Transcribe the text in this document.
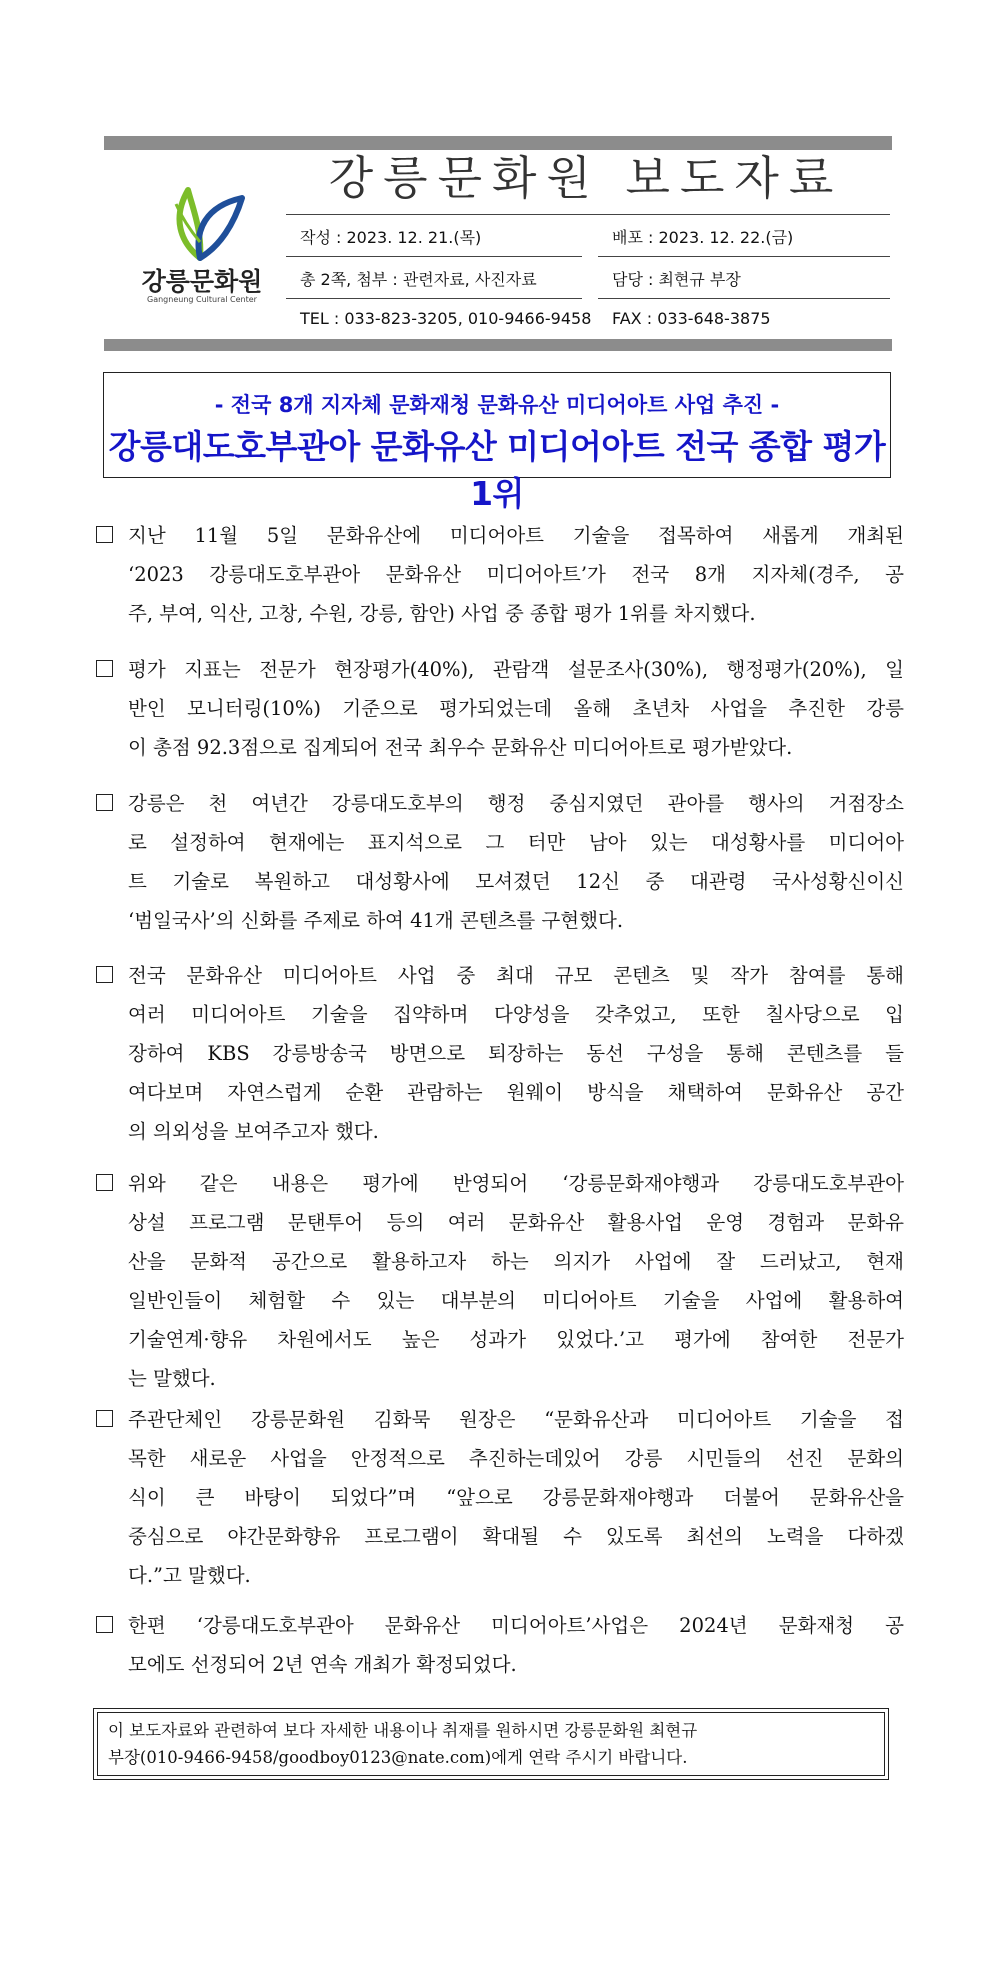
강릉문화원
Gangneung Cultural Center
강릉문화원 보도자료
작성 : 2023. 12. 21.(목)	배포 : 2023. 12. 22.(금)
총 2쪽, 첨부 : 관련자료, 사진자료	담당 : 최현규 부장
TEL : 033-823-3205, 010-9466-9458 FAX : 033-648-3875
- 전국 8개 지자체 문화재청 문화유산 미디어아트 사업 추진 -
강릉대도호부관아 문화유산 미디어아트 전국 종합 평가 1위
지난 11월 5일 문화유산에 미디어아트 기술을 접목하여 새롭게 개최된
‘2023 강릉대도호부관아 문화유산 미디어아트’가 전국 8개 지자체(경주, 공
주, 부여, 익산, 고창, 수원, 강릉, 함안) 사업 중 종합 평가 1위를 차지했다.
평가 지표는 전문가 현장평가(40%), 관람객 설문조사(30%), 행정평가(20%), 일
반인 모니터링(10%) 기준으로 평가되었는데 올해 초년차 사업을 추진한 강릉
이 총점 92.3점으로 집계되어 전국 최우수 문화유산 미디어아트로 평가받았다.
강릉은 천 여년간 강릉대도호부의 행정 중심지였던 관아를 행사의 거점장소
로 설정하여 현재에는 표지석으로 그 터만 남아 있는 대성황사를 미디어아
트 기술로 복원하고 대성황사에 모셔졌던 12신 중 대관령 국사성황신이신
‘범일국사’의 신화를 주제로 하여 41개 콘텐츠를 구현했다.
전국 문화유산 미디어아트 사업 중 최대 규모 콘텐츠 및 작가 참여를 통해
여러 미디어아트 기술을 집약하며 다양성을 갖추었고, 또한 칠사당으로 입
장하여 KBS 강릉방송국 방면으로 퇴장하는 동선 구성을 통해 콘텐츠를 들
여다보며 자연스럽게 순환 관람하는 원웨이 방식을 채택하여 문화유산 공간
의 의외성을 보여주고자 했다.
위와 같은 내용은 평가에 반영되어 ‘강릉문화재야행과 강릉대도호부관아
상설 프로그램 문탠투어 등의 여러 문화유산 활용사업 운영 경험과 문화유
산을 문화적 공간으로 활용하고자 하는 의지가 사업에 잘 드러났고, 현재
일반인들이 체험할 수 있는 대부분의 미디어아트 기술을 사업에 활용하여
기술연계·향유 차원에서도 높은 성과가 있었다.’고 평가에 참여한 전문가
는 말했다.
주관단체인 강릉문화원 김화묵 원장은 “문화유산과 미디어아트 기술을 접
목한 새로운 사업을 안정적으로 추진하는데있어 강릉 시민들의 선진 문화의
식이 큰 바탕이 되었다”며 “앞으로 강릉문화재야행과 더불어 문화유산을
중심으로 야간문화향유 프로그램이 확대될 수 있도록 최선의 노력을 다하겠
다.”고 말했다.
한편 ‘강릉대도호부관아 문화유산 미디어아트’사업은 2024년 문화재청 공
모에도 선정되어 2년 연속 개최가 확정되었다.
이 보도자료와 관련하여 보다 자세한 내용이나 취재를 원하시면 강릉문화원 최현규
부장(010-9466-9458/goodboy0123@nate.com)에게 연락 주시기 바랍니다.
